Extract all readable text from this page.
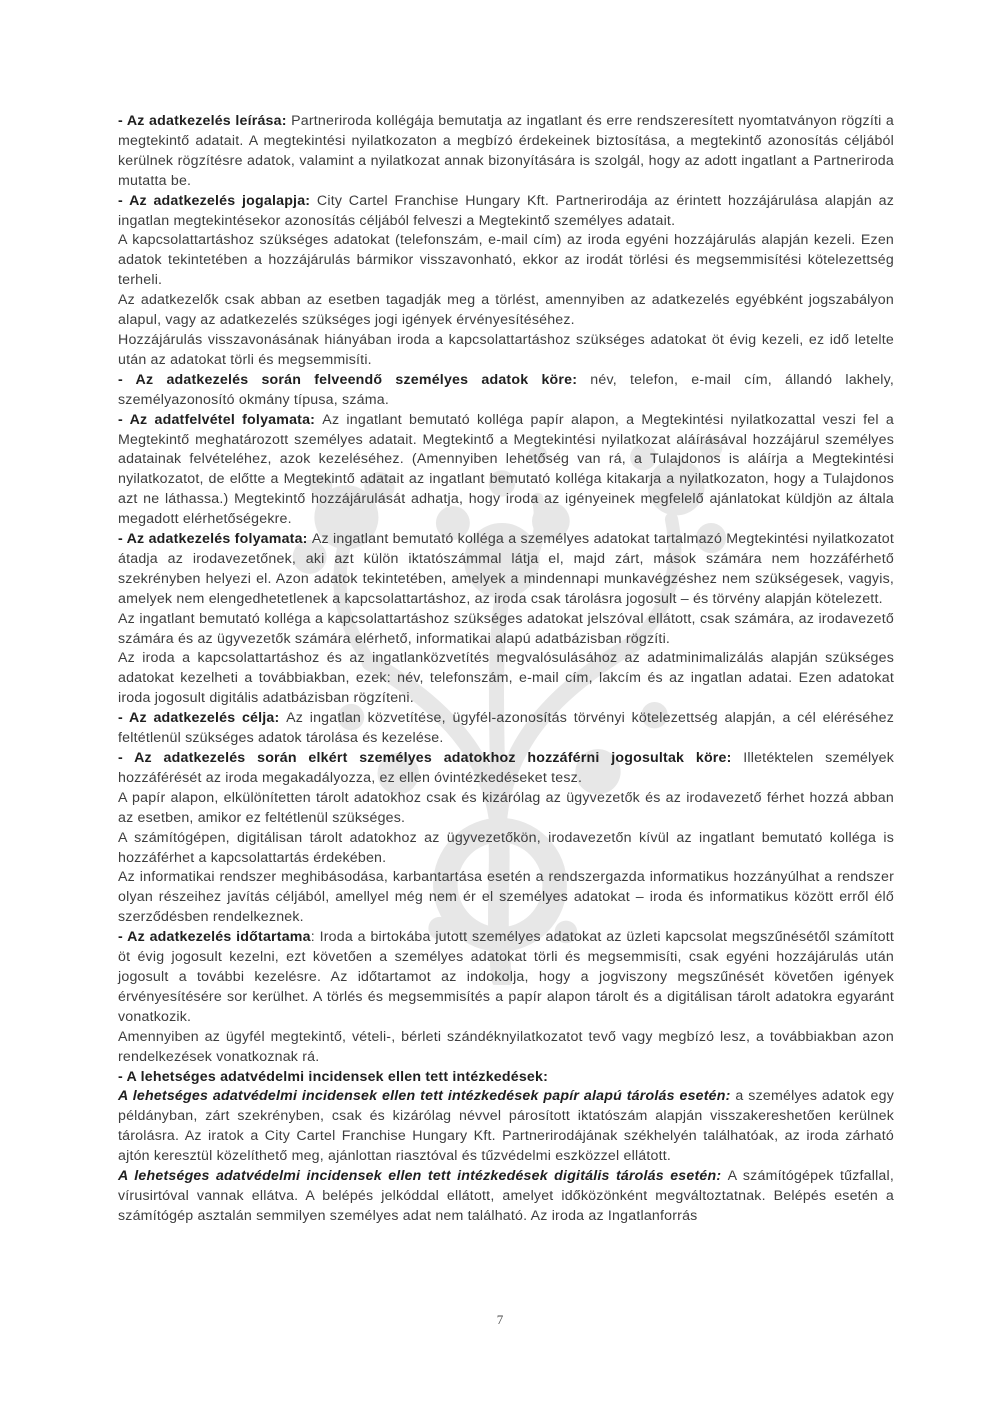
- Az adatkezelés leírása: Partneriroda kollégája bemutatja az ingatlant és erre rendszeresített nyomtatványon rögzíti a megtekintő adatait. A megtekintési nyilatkozaton a megbízó érdekeinek biztosítása, a megtekintő azonosítás céljából kerülnek rögzítésre adatok, valamint a nyilatkozat annak bizonyítására is szolgál, hogy az adott ingatlant a Partneriroda mutatta be.

- Az adatkezelés jogalapja: City Cartel Franchise Hungary Kft. Partnerirodája az érintett hozzájárulása alapján az ingatlan megtekintésekor azonosítás céljából felveszi a Megtekintő személyes adatait.

A kapcsolattartáshoz szükséges adatokat (telefonszám, e-mail cím) az iroda egyéni hozzájárulás alapján kezeli. Ezen adatok tekintetében a hozzájárulás bármikor visszavonható, ekkor az irodát törlési és megsemmisítési kötelezettség terheli.

Az adatkezelők csak abban az esetben tagadják meg a törlést, amennyiben az adatkezelés egyébként jogszabályon alapul, vagy az adatkezelés szükséges jogi igények érvényesítéséhez.

Hozzájárulás visszavonásának hiányában iroda a kapcsolattartáshoz szükséges adatokat öt évig kezeli, ez idő letelte után az adatokat törli és megsemmisíti.

- Az adatkezelés során felveendő személyes adatok köre: név, telefon, e-mail cím, állandó lakhely, személyazonosító okmány típusa, száma.

- Az adatfelvétel folyamata: Az ingatlant bemutató kolléga papír alapon, a Megtekintési nyilatkozattal veszi fel a Megtekintő meghatározott személyes adatait. Megtekintő a Megtekintési nyilatkozat aláírásával hozzájárul személyes adatainak felvételéhez, azok kezeléséhez. (Amennyiben lehetőség van rá, a Tulajdonos is aláírja a Megtekintési nyilatkozatot, de előtte a Megtekintő adatait az ingatlant bemutató kolléga kitakarja a nyilatkozaton, hogy a Tulajdonos azt ne láthassa.) Megtekintő hozzájárulását adhatja, hogy iroda az igényeinek megfelelő ajánlatokat küldjön az általa megadott elérhetőségekre.

- Az adatkezelés folyamata: Az ingatlant bemutató kolléga a személyes adatokat tartalmazó Megtekintési nyilatkozatot átadja az irodavezetőnek, aki azt külön iktatószámmal látja el, majd zárt, mások számára nem hozzáférhető szekrényben helyezi el. Azon adatok tekintetében, amelyek a mindennapi munkavégzéshez nem szükségesek, vagyis, amelyek nem elengedhetetlenek a kapcsolattartáshoz, az iroda csak tárolásra jogosult – és törvény alapján kötelezett.

Az ingatlant bemutató kolléga a kapcsolattartáshoz szükséges adatokat jelszóval ellátott, csak számára, az irodavezető számára és az ügyvezetők számára elérhető, informatikai alapú adatbázisban rögzíti.

Az iroda a kapcsolattartáshoz és az ingatlanközvetítés megvalósulásához az adatminimalizálás alapján szükséges adatokat kezelheti a továbbiakban, ezek: név, telefonszám, e-mail cím, lakcím és az ingatlan adatai. Ezen adatokat iroda jogosult digitális adatbázisban rögzíteni.

- Az adatkezelés célja: Az ingatlan közvetítése, ügyfél-azonosítás törvényi kötelezettség alapján, a cél eléréséhez feltétlenül szükséges adatok tárolása és kezelése.

- Az adatkezelés során elkért személyes adatokhoz hozzáférni jogosultak köre: Illetéktelen személyek hozzáférését az iroda megakadályozza, ez ellen óvintézkedéseket tesz.

A papír alapon, elkülönítetten tárolt adatokhoz csak és kizárólag az ügyvezetők és az irodavezető férhet hozzá abban az esetben, amikor ez feltétlenül szükséges.

A számítógépen, digitálisan tárolt adatokhoz az ügyvezetőkön, irodavezetőn kívül az ingatlant bemutató kolléga is hozzáférhet a kapcsolattartás érdekében.

Az informatikai rendszer meghibásodása, karbantartása esetén a rendszergazda informatikus hozzányúlhat a rendszer olyan részeihez javítás céljából, amellyel még nem ér el személyes adatokat – iroda és informatikus között erről élő szerződésben rendelkeznek.

- Az adatkezelés időtartama: Iroda a birtokába jutott személyes adatokat az üzleti kapcsolat megszűnésétől számított öt évig jogosult kezelni, ezt követően a személyes adatokat törli és megsemmisíti, csak egyéni hozzájárulás után jogosult a további kezelésre. Az időtartamot az indokolja, hogy a jogviszony megszűnését követően igények érvényesítésére sor kerülhet. A törlés és megsemmisítés a papír alapon tárolt és a digitálisan tárolt adatokra egyaránt vonatkozik.

Amennyiben az ügyfél megtekintő, vételi-, bérleti szándéknyilatkozatot tevő vagy megbízó lesz, a továbbiakban azon rendelkezések vonatkoznak rá.

- A lehetséges adatvédelmi incidensek ellen tett intézkedések:

A lehetséges adatvédelmi incidensek ellen tett intézkedések papír alapú tárolás esetén: a személyes adatok egy példányban, zárt szekrényben, csak és kizárólag névvel párosított iktatószám alapján visszakereshetően kerülnek tárolásra. Az iratok a City Cartel Franchise Hungary Kft. Partnerirodájának székhelyén találhatóak, az iroda zárható ajtón keresztül közelíthető meg, ajánlottan riasztóval és tűzvédelmi eszközzel ellátott.

A lehetséges adatvédelmi incidensek ellen tett intézkedések digitális tárolás esetén: A számítógépek tűzfallal, vírusirtóval vannak ellátva. A belépés jelkóddal ellátott, amelyet időközönként megváltoztatnak. Belépés esetén a számítógép asztalán semmilyen személyes adat nem található. Az iroda az Ingatlanforrás

7
